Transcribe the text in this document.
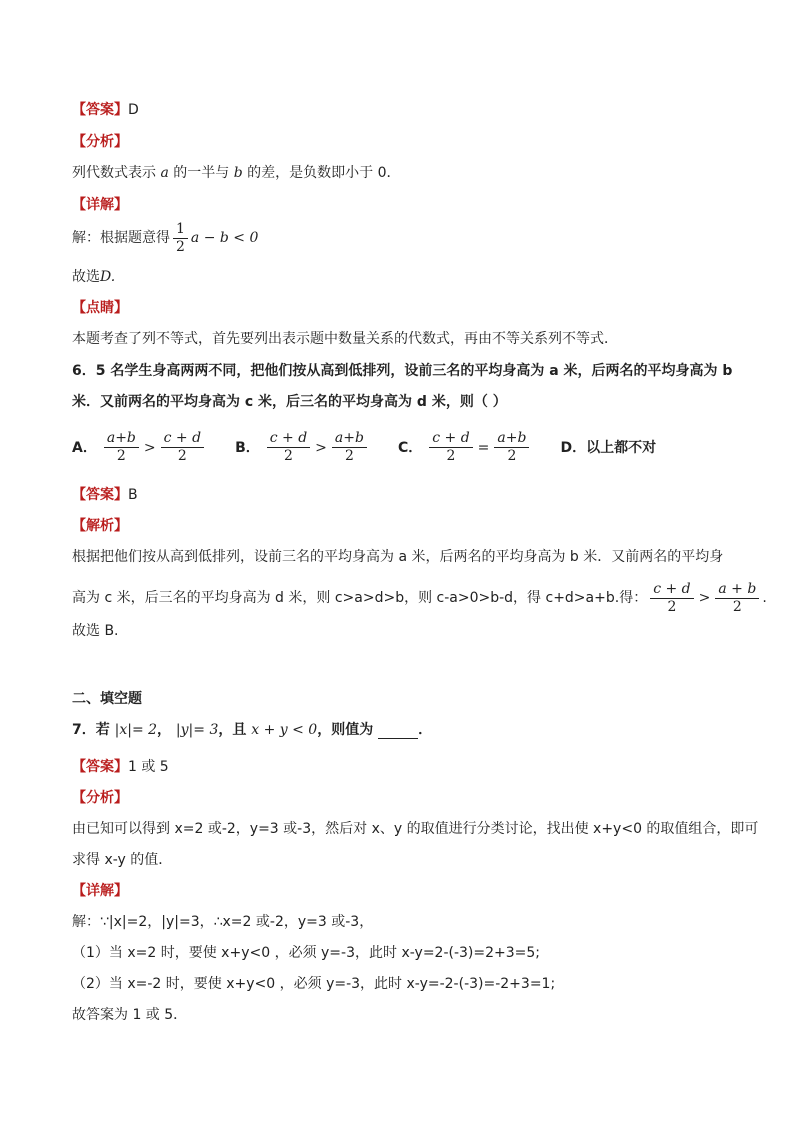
【答案】D
【分析】
列代数式表示 a 的一半与 b 的差，是负数即小于 0．
【详解】
解：根据题意得 $\frac{1}{2}$ a − b < 0
故选D.
【点睛】
本题考查了列不等式，首先要列出表示题中数量关系的代数式，再由不等关系列不等式．
6．5 名学生身高两两不同，把他们按从高到低排列，设前三名的平均身高为 a 米，后两名的平均身高为 b
米．又前两名的平均身高为 c 米，后三名的平均身高为 d 米，则（ ）
A． $\frac{a+b}{2} > \frac{c + d}{2}$ B． $\frac{c + d}{2} > \frac{a+b}{2}$ C． $\frac{c + d}{2} = \frac{a+b}{2}$ D．以上都不对
【答案】B
【解析】
根据把他们按从高到低排列，设前三名的平均身高为 a 米，后两名的平均身高为 b 米．又前两名的平均身
高为 c 米，后三名的平均身高为 d 米，则 c>a>d>b，则 c-a>0>b-d，得 c+d>a+b.得： $\frac{c + d}{2} > \frac{a + b}{2}$ .
故选 B.
二、填空题
7．若 |x|= 2， |y|= 3，且 x + y < 0，则值为	．
【答案】1 或 5
【分析】
由已知可以得到 x=2 或-2，y=3 或-3，然后对 x、y 的取值进行分类讨论，找出使 x+y<0 的取值组合，即可
求得 x-y 的值．
【详解】
解：∵|x|=2，|y|=3，∴x=2 或-2，y=3 或-3，
（1）当 x=2 时，要使 x+y<0 ，必须 y=-3，此时 x-y=2-(-3)=2+3=5;
（2）当 x=-2 时，要使 x+y<0 ，必须 y=-3，此时 x-y=-2-(-3)=-2+3=1;
故答案为 1 或 5．
